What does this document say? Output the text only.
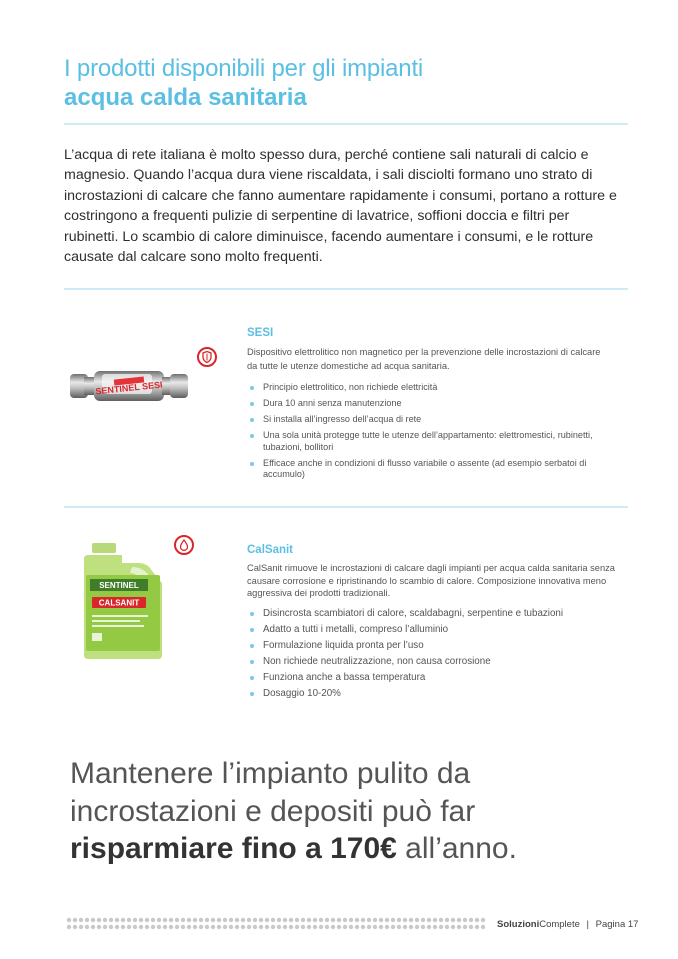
I prodotti disponibili per gli impianti
acqua calda sanitaria
L’acqua di rete italiana è molto spesso dura, perché contiene sali naturali di calcio e magnesio. Quando l’acqua dura viene riscaldata, i sali disciolti formano uno strato di incrostazioni di calcare che fanno aumentare rapidamente i consumi, portano a rotture e costringono a frequenti pulizie di serpentine di lavatrice, soffioni doccia e filtri per rubinetti. Lo scambio di calore diminuisce, facendo aumentare i consumi, e le rotture causate dal calcare sono molto frequenti.
SENTINEL SESI
SESI
Dispositivo elettrolitico non magnetico per la prevenzione delle incrostazioni di calcare da tutte le utenze domestiche ad acqua sanitaria.
Principio elettrolitico, non richiede elettricità
Dura 10 anni senza manutenzione
Si installa all’ingresso dell’acqua di rete
Una sola unità protegge tutte le utenze dell’appartamento: elettromestici, rubinetti, tubazioni, bollitori
Efficace anche in condizioni di flusso variabile o assente (ad esempio serbatoi di accumulo)
SENTINEL
CALSANIT
CalSanit
CalSanit rimuove le incrostazioni di calcare dagli impianti per acqua calda sanitaria senza causare corrosione e ripristinando lo scambio di calore. Composizione innovativa meno aggressiva dei prodotti tradizionali.
Disincrosta scambiatori di calore, scaldabagni, serpentine e tubazioni
Adatto a tutti i metalli, compreso l’alluminio
Formulazione liquida pronta per l’uso
Non richiede neutralizzazione, non causa corrosione
Funziona anche a bassa temperatura
Dosaggio 10-20%
Mantenere l’impianto pulito da
incrostazioni e depositi può far
risparmiare fino a 170€ all’anno.
SoluzioniComplete | Pagina 17
